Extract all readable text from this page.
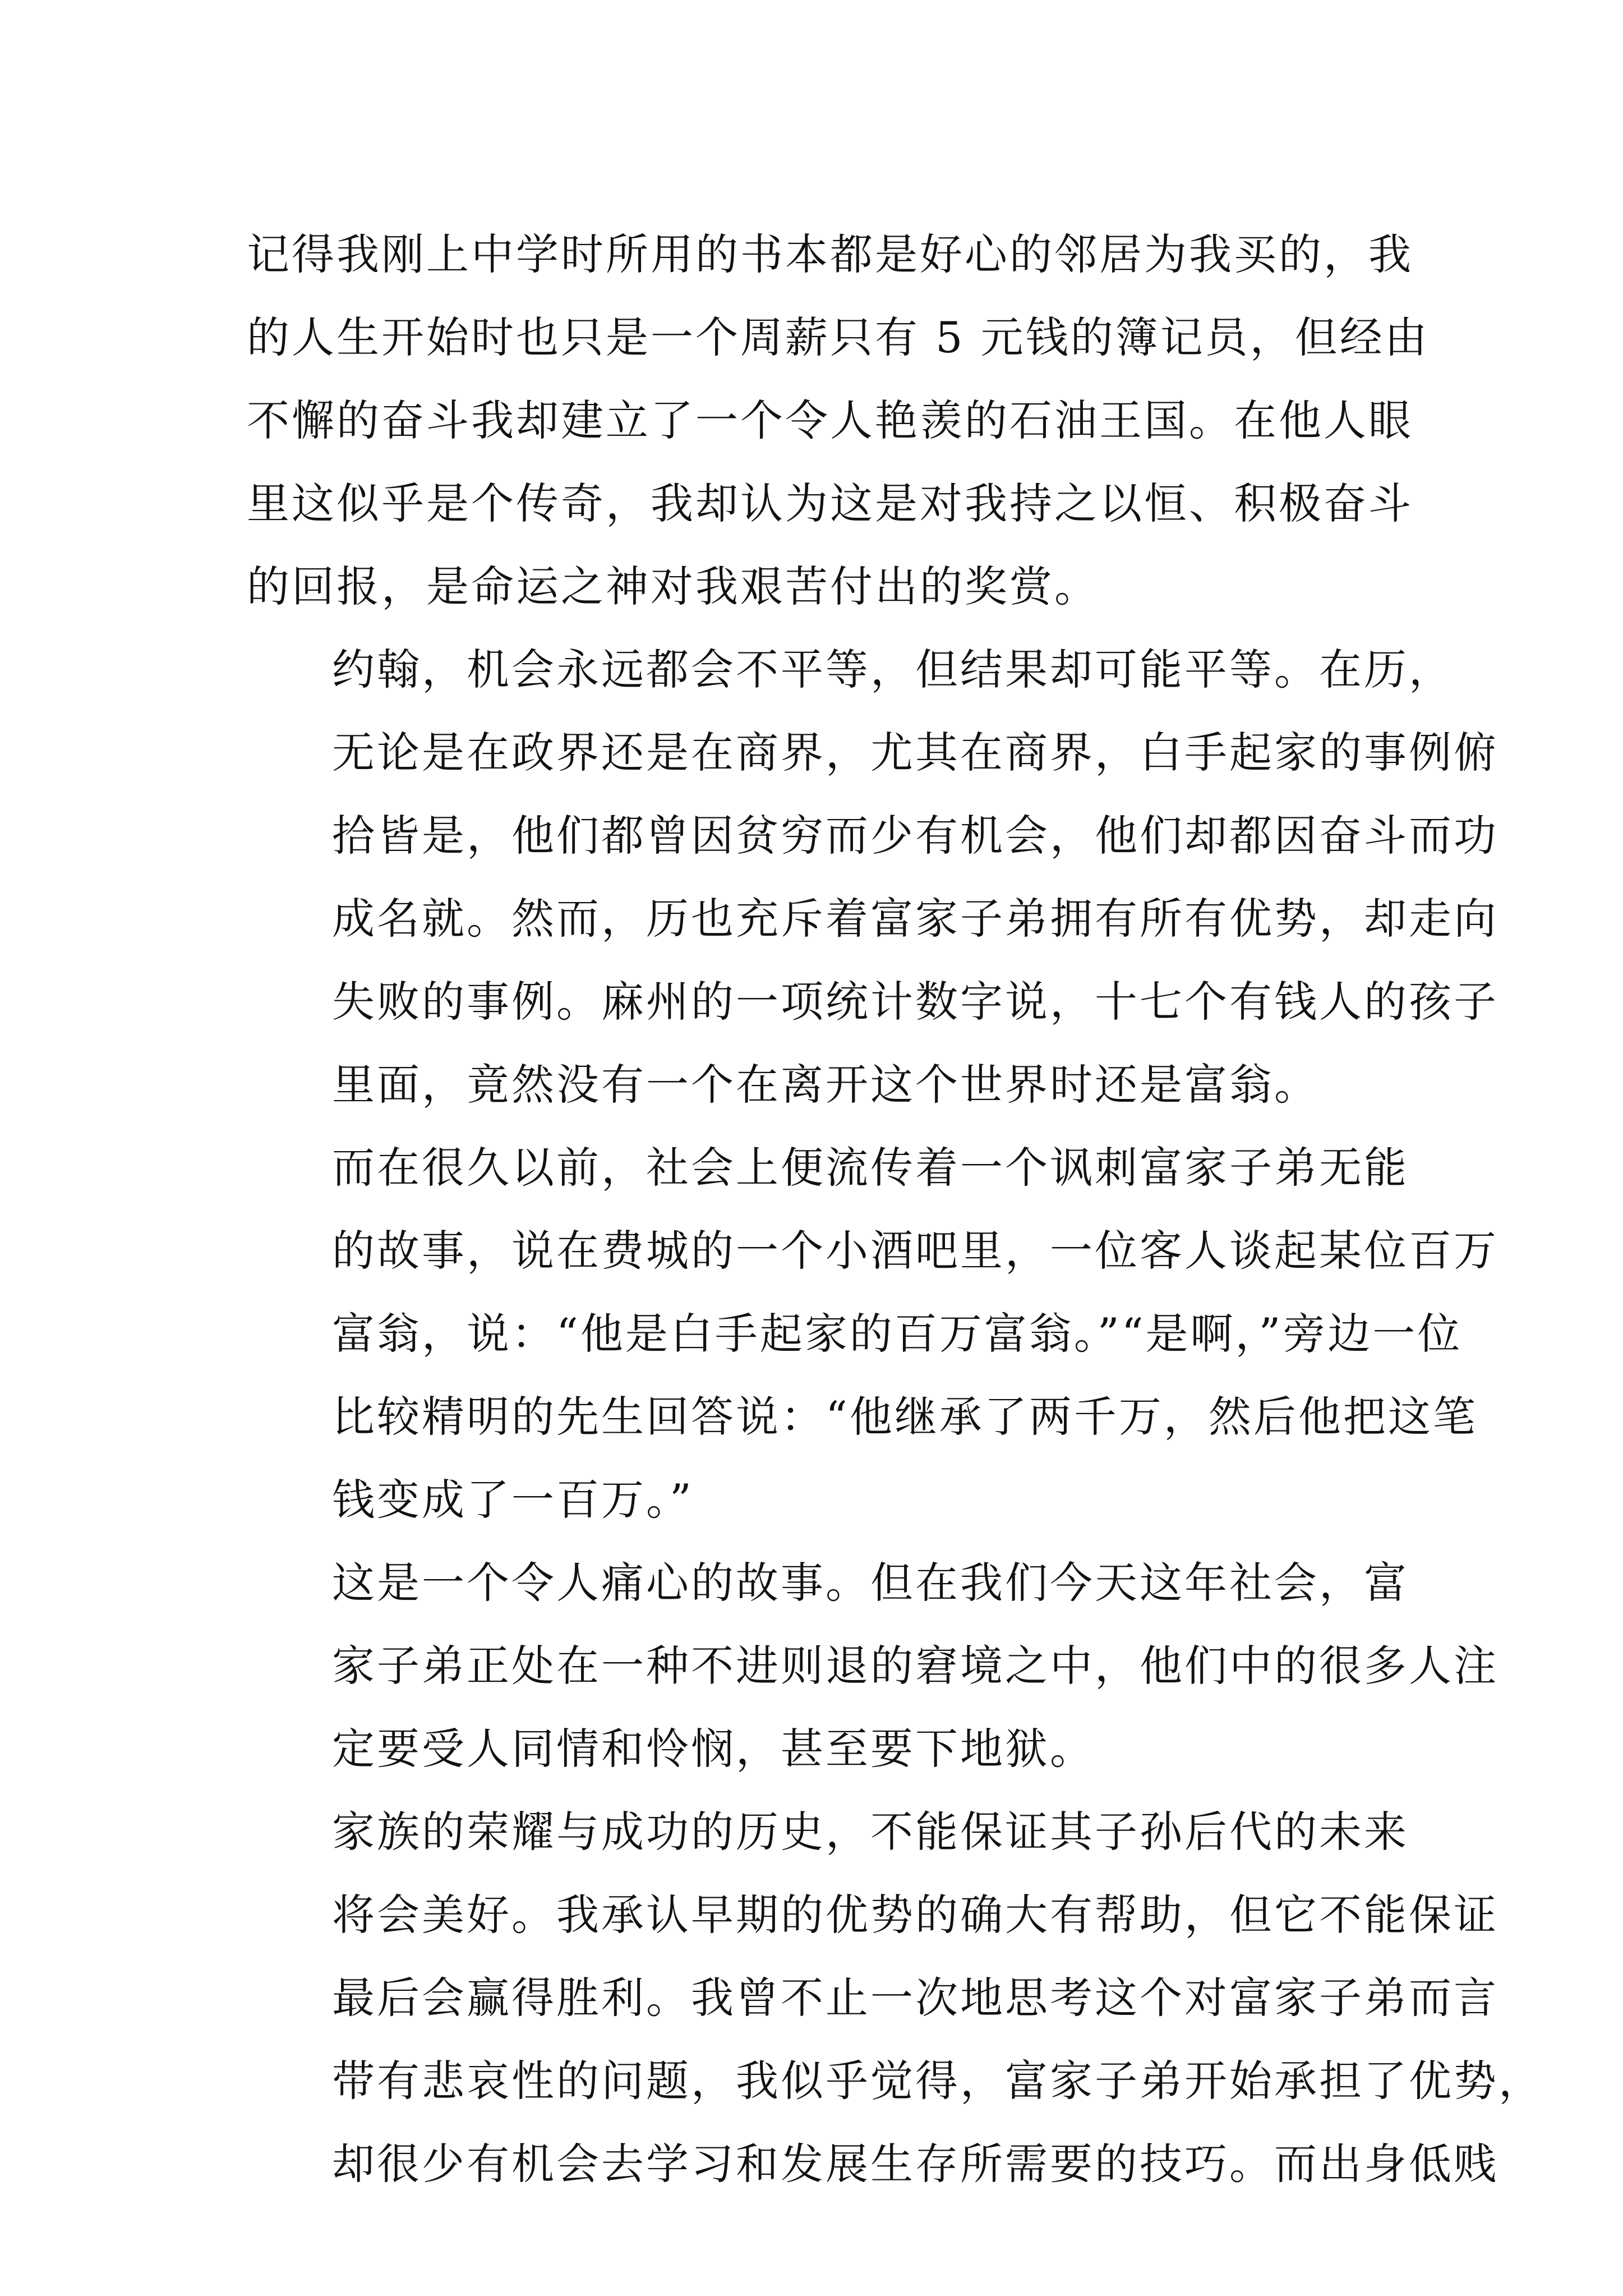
记得我刚上中学时所用的书本都是好心的邻居为我买的，我
的人生开始时也只是一个周薪只有 5 元钱的簿记员，但经由
不懈的奋斗我却建立了一个令人艳羡的石油王国。在他人眼
里这似乎是个传奇，我却认为这是对我持之以恒、积极奋斗
的回报，是命运之神对我艰苦付出的奖赏。

约翰，机会永远都会不平等，但结果却可能平等。在历，
无论是在政界还是在商界，尤其在商界，白手起家的事例俯
拾皆是，他们都曾因贫穷而少有机会，他们却都因奋斗而功
成名就。然而，历也充斥着富家子弟拥有所有优势，却走向
失败的事例。麻州的一项统计数字说，十七个有钱人的孩子
里面，竟然没有一个在离开这个世界时还是富翁。

而在很久以前，社会上便流传着一个讽刺富家子弟无能
的故事，说在费城的一个小酒吧里，一位客人谈起某位百万
富翁，说：“他是白手起家的百万富翁。”“是啊，”旁边一位
比较精明的先生回答说：“他继承了两千万，然后他把这笔
钱变成了一百万。”

这是一个令人痛心的故事。但在我们今天这年社会，富
家子弟正处在一种不进则退的窘境之中，他们中的很多人注
定要受人同情和怜悯，甚至要下地狱。

家族的荣耀与成功的历史，不能保证其子孙后代的未来
将会美好。我承认早期的优势的确大有帮助，但它不能保证
最后会赢得胜利。我曾不止一次地思考这个对富家子弟而言
带有悲哀性的问题，我似乎觉得，富家子弟开始承担了优势，
却很少有机会去学习和发展生存所需要的技巧。而出身低贱
